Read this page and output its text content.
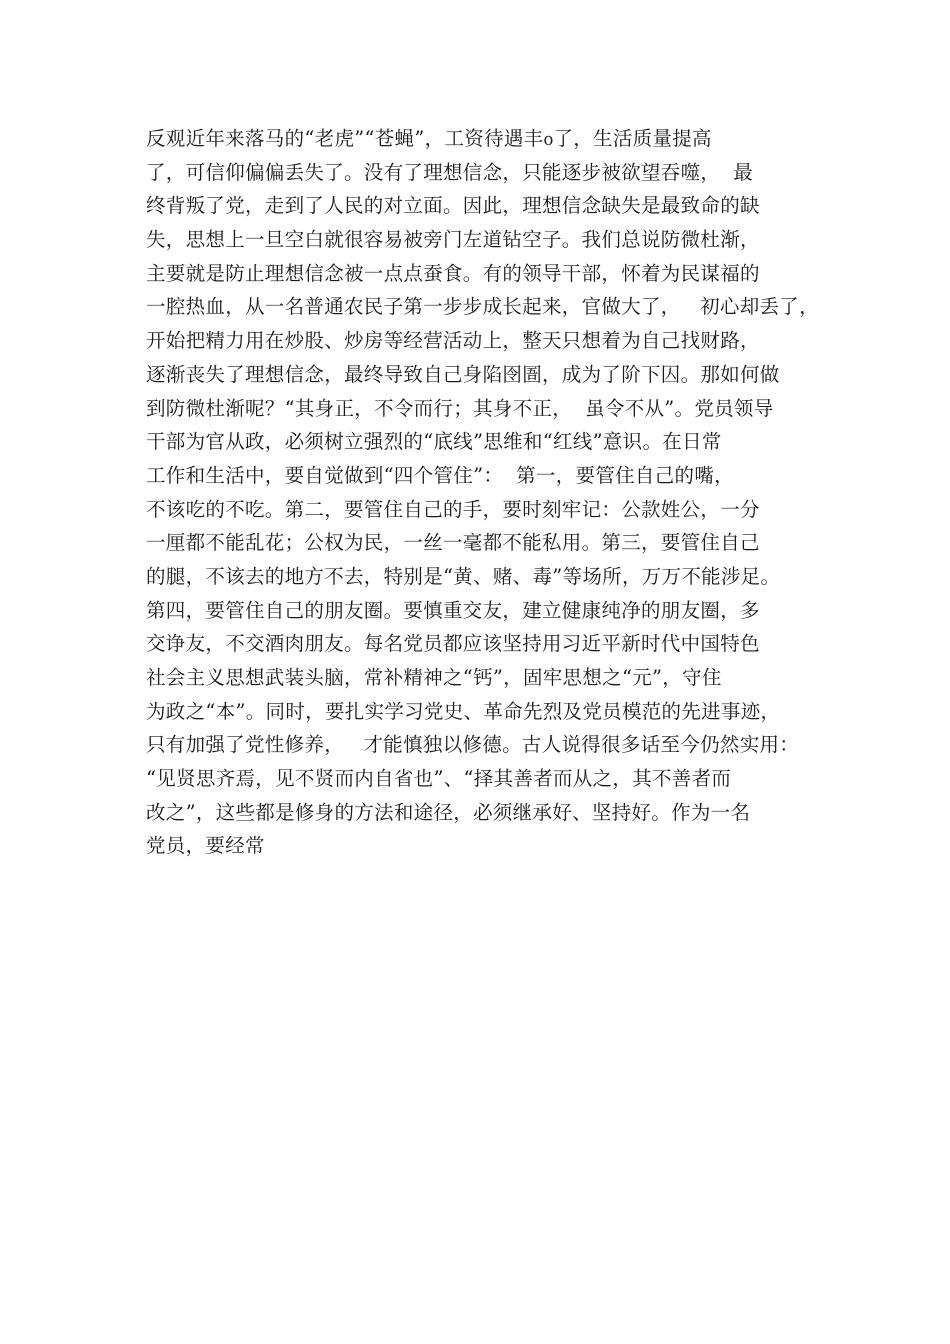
反观近年来落马的“老虎”“苍蝇”，工资待遇丰᧐了，生活质量提高
了，可信仰偏偏丢失了。没有了理想信念，只能逐步被欲望吞噬，  最
终背叛了党，走到了人民的对立面。因此，理想信念缺失是最致命的缺
失，思想上一旦空白就很容易被旁门左道钻空子。我们总说防微杜渐，
主要就是防止理想信念被一点点蚕食。有的领导干部，怀着为民谋福的
一腔热血，从一名普通农民子第一步步成长起来，官做大了，   初心却丢了，
开始把精力用在炒股、炒房等经营活动上，整天只想着为自己找财路，
逐渐丧失了理想信念，最终导致自己身陷囹圄，成为了阶下囚。那如何做
到防微杜渐呢？“其身正，不令而行；其身不正，  虽令不从”。党员领导
干部为官从政，必须树立强烈的“底线”思维和“红线”意识。在日常
工作和生活中，要自觉做到“四个管住”：  第一，要管住自己的嘴，
不该吃的不吃。第二，要管住自己的手，要时刻牢记：公款姓公，一分
一厘都不能乱花；公权为民，一丝一毫都不能私用。第三，要管住自己
的腿，不该去的地方不去，特别是“黄、赌、毒”等场所，万万不能涉足。
第四，要管住自己的朋友圈。要慎重交友，建立健康纯净的朋友圈，多
交诤友，不交酒肉朋友。每名党员都应该坚持用习近平新时代中国特色
社会主义思想武装头脑，常补精神之“钙”，固牢思想之“元”，守住
为政之“本”。同时，要扎实学习党史、革命先烈及党员模范的先进事迹，
只有加强了党性修养，   才能慎独以修德。古人说得很多话至今仍然实用：
“见贤思齐焉，见不贤而内自省也”、“择其善者而从之，其不善者而
改之”，这些都是修身的方法和途径，必须继承好、坚持好。作为一名
党员，要经常
